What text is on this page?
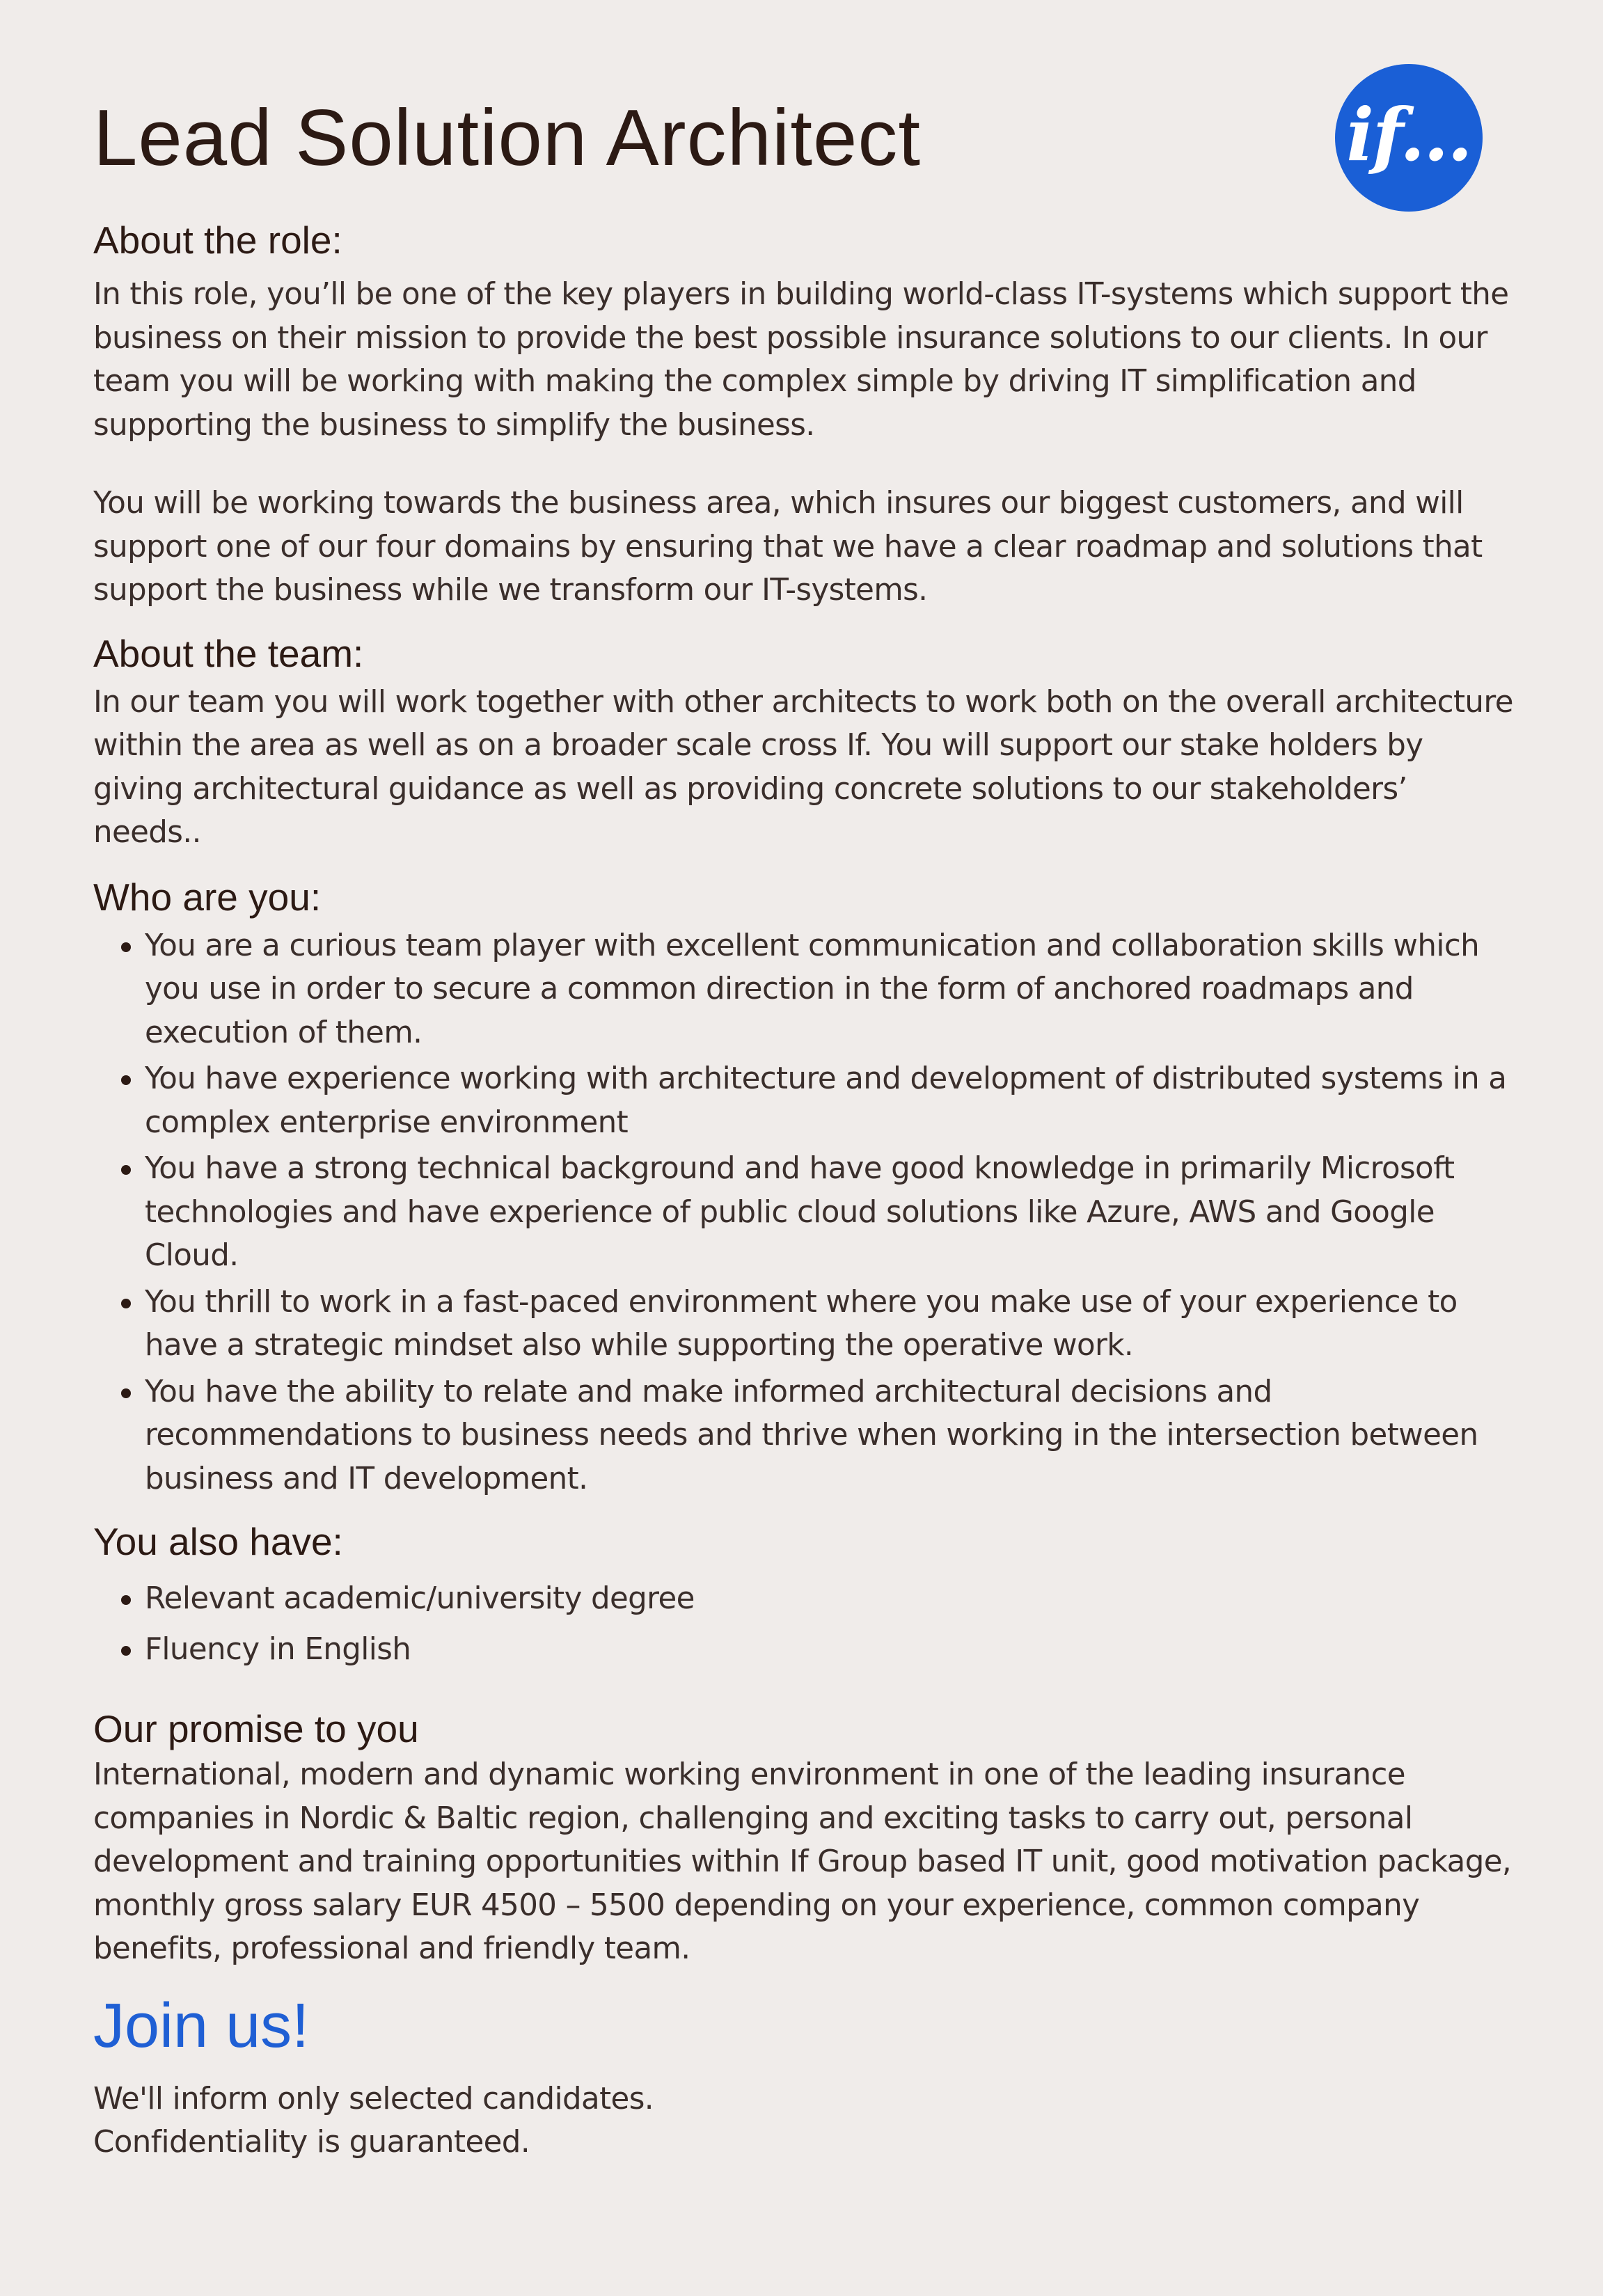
if...
Lead Solution Architect
About the role:

In this role, you’ll be one of the key players in building world-class IT-systems which support the business on their mission to provide the best possible insurance solutions to our clients. In our team you will be working with making the complex simple by driving IT simplification and supporting the business to simplify the business.

You will be working towards the business area, which insures our biggest customers, and will support one of our four domains by ensuring that we have a clear roadmap and solutions that support the business while we transform our IT-systems.

About the team:

In our team you will work together with other architects to work both on the overall architecture within the area as well as on a broader scale cross If. You will support our stake holders by giving architectural guidance as well as providing concrete solutions to our stakeholders’ needs..

Who are you:
You are a curious team player with excellent communication and collaboration skills which you use in order to secure a common direction in the form of anchored roadmaps and execution of them.
You have experience working with architecture and development of distributed systems in a complex enterprise environment
You have a strong technical background and have good knowledge in primarily Microsoft technologies and have experience of public cloud solutions like Azure, AWS and Google Cloud.
You thrill to work in a fast-paced environment where you make use of your experience to have a strategic mindset also while supporting the operative work.
You have the ability to relate and make informed architectural decisions and recommendations to business needs and thrive when working in the intersection between business and IT development.
You also have:
Relevant academic/university degree
Fluency in English
Our promise to you

International, modern and dynamic working environment in one of the leading insurance companies in Nordic & Baltic region, challenging and exciting tasks to carry out, personal development and training opportunities within If Group based IT unit, good motivation package, monthly gross salary EUR 4500 – 5500 depending on your experience, common company benefits, professional and friendly team.

Join us!

We'll inform only selected candidates.

Confidentiality is guaranteed.
